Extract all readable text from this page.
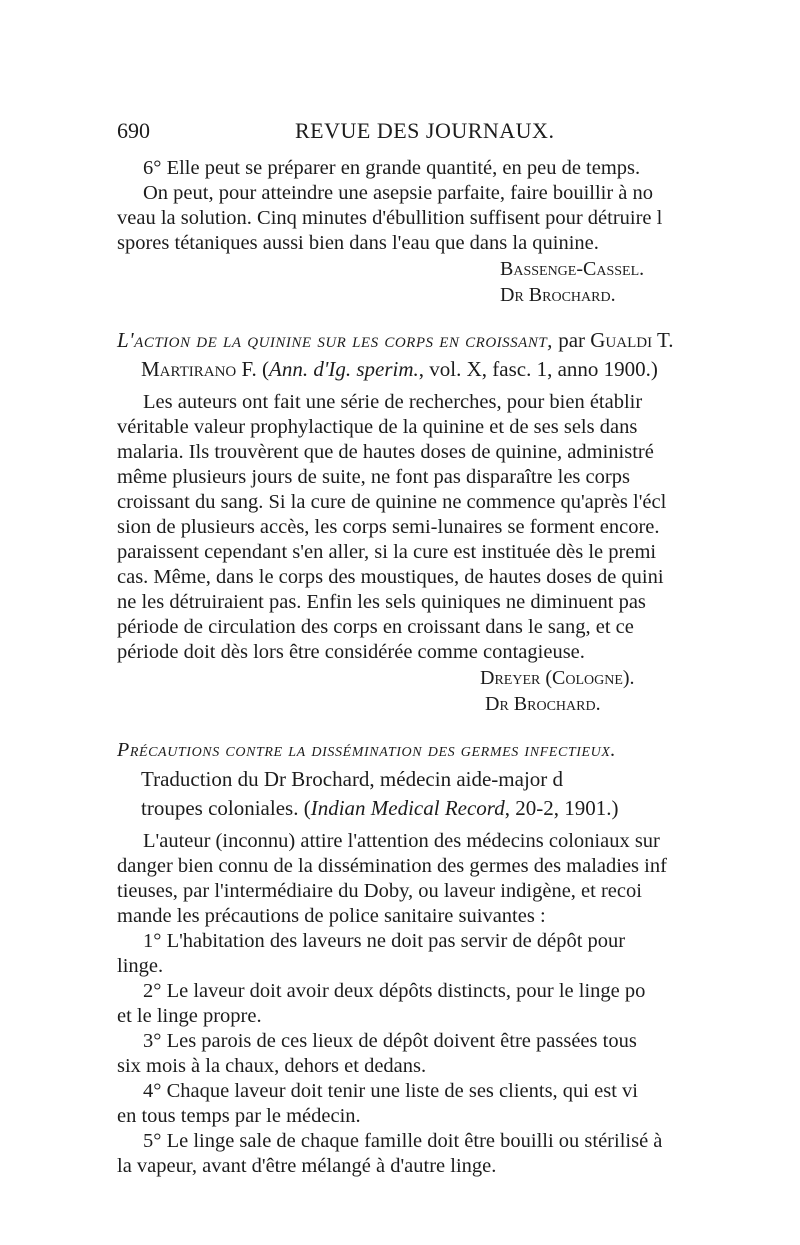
690	REVUE DES JOURNAUX.

6° Elle peut se préparer en grande quantité, en peu de temps.

On peut, pour atteindre une asepsie parfaite, faire bouillir à no

veau la solution. Cinq minutes d'ébullition suffisent pour détruire l

spores tétaniques aussi bien dans l'eau que dans la quinine.

Bassenge-Cassel.
Dr Brochard.
L'action de la quinine sur les corps en croissant, par Gualdi T.
Martirano F. (Ann. d'Ig. sperim., vol. X, fasc. 1, anno 1900.)

Les auteurs ont fait une série de recherches, pour bien établir

véritable valeur prophylactique de la quinine et de ses sels dans

malaria. Ils trouvèrent que de hautes doses de quinine, administré

même plusieurs jours de suite, ne font pas disparaître les corps

croissant du sang. Si la cure de quinine ne commence qu'après l'écl

sion de plusieurs accès, les corps semi-lunaires se forment encore.

paraissent cependant s'en aller, si la cure est instituée dès le premi

cas. Même, dans le corps des moustiques, de hautes doses de quini

ne les détruiraient pas. Enfin les sels quiniques ne diminuent pas

période de circulation des corps en croissant dans le sang, et ce

période doit dès lors être considérée comme contagieuse.

Dreyer (Cologne).
Dr Brochard.
Précautions contre la dissémination des germes infectieux.
Traduction du Dr Brochard, médecin aide-major d
troupes coloniales. (Indian Medical Record, 20-2, 1901.)

L'auteur (inconnu) attire l'attention des médecins coloniaux sur

danger bien connu de la dissémination des germes des maladies inf

tieuses, par l'intermédiaire du Doby, ou laveur indigène, et recoi

mande les précautions de police sanitaire suivantes :

1° L'habitation des laveurs ne doit pas servir de dépôt pour

linge.

2° Le laveur doit avoir deux dépôts distincts, pour le linge po

et le linge propre.

3° Les parois de ces lieux de dépôt doivent être passées tous

six mois à la chaux, dehors et dedans.

4° Chaque laveur doit tenir une liste de ses clients, qui est vi

en tous temps par le médecin.

5° Le linge sale de chaque famille doit être bouilli ou stérilisé à

la vapeur, avant d'être mélangé à d'autre linge.
